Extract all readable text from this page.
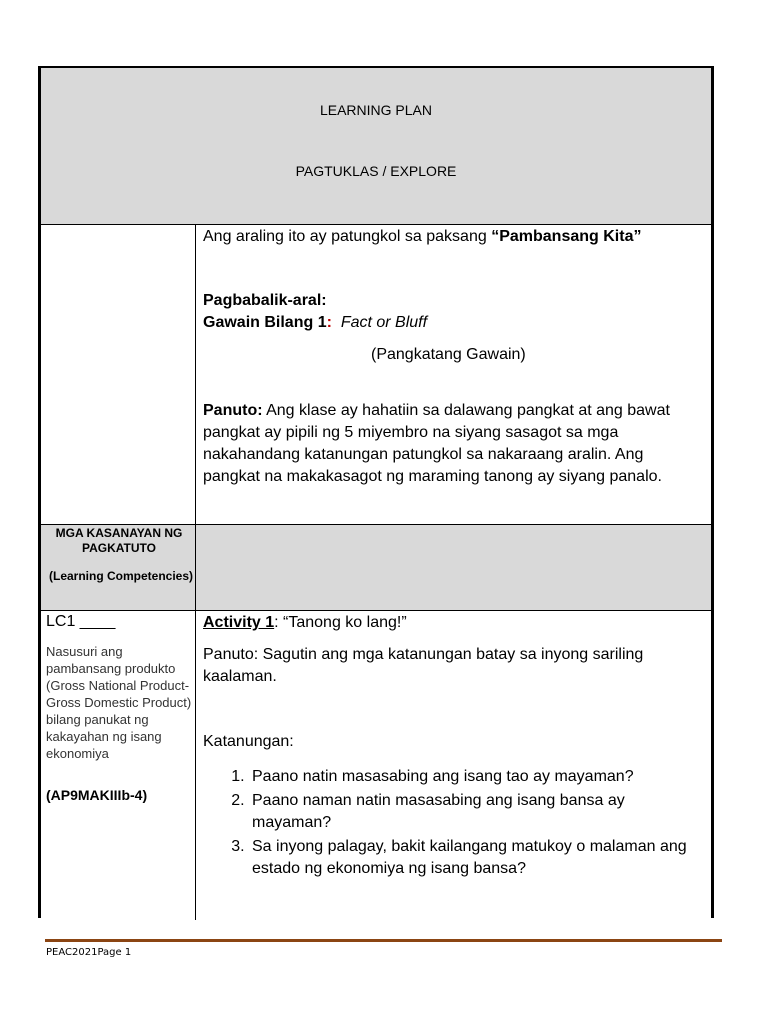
LEARNING PLAN
PAGTUKLAS / EXPLORE
Ang araling ito ay patungkol sa paksang “Pambansang Kita”
Pagbabalik-aral:
Gawain Bilang 1: Fact or Bluff
(Pangkatang Gawain)
Panuto: Ang klase ay hahatiin sa dalawang pangkat at ang bawat pangkat ay pipili ng 5 miyembro na siyang sasagot sa mga nakahandang katanungan patungkol sa nakaraang aralin. Ang pangkat na makakasagot ng maraming tanong ay siyang panalo.
MGA KASANAYAN NG PAGKATUTO
(Learning Competencies)
LC1 ____
Nasusuri ang pambansang produkto (Gross National Product-Gross Domestic Product) bilang panukat ng kakayahan ng isang ekonomiya
(AP9MAKIIIb-4)
Activity 1: “Tanong ko lang!”
Panuto: Sagutin ang mga katanungan batay sa inyong sariling kaalaman.
Katanungan:
1. Paano natin masasabing ang isang tao ay mayaman?
2. Paano naman natin masasabing ang isang bansa ay mayaman?
3. Sa inyong palagay, bakit kailangang matukoy o malaman ang estado ng ekonomiya ng isang bansa?
PEAC2021Page 1
